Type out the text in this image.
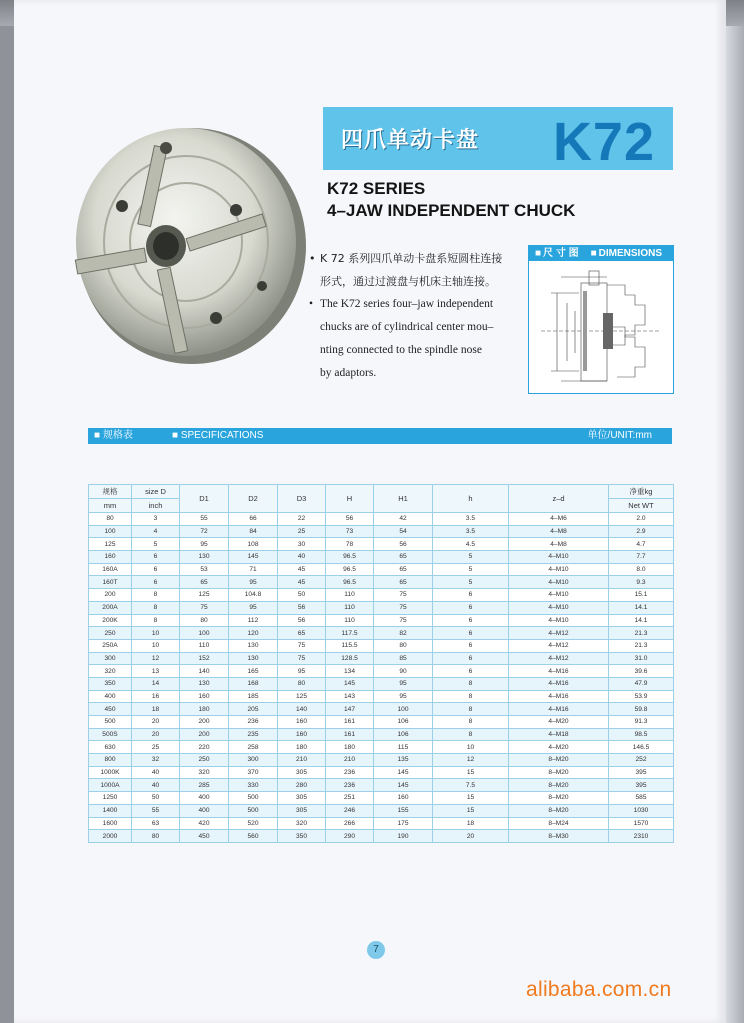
四爪单动卡盘 K72
K72 SERIES
4–JAW INDEPENDENT CHUCK

• K 72 系列四爪单动卡盘系短圆柱连接

形式，通过过渡盘与机床主轴连接。

• The K72 series four–jaw independent

chucks are of cylindrical center mou–

nting connected to the spindle nose

by adaptors.

■ 尺 寸 图 ■ DIMENSIONS
■ 规格表	■ SPECIFICATIONS	单位/UNIT:mm
规格	size D	D1	D2	D3	H	H1	h	z–d	净重kg
mm	inch								Net WT
80	3	55	66	22	56	42	3.5	4–M6	2.0
100	4	72	84	25	73	54	3.5	4–M8	2.9
125	5	95	108	30	78	56	4.5	4–M8	4.7
160	6	130	145	40	96.5	65	5	4–M10	7.7
160A	6	53	71	45	96.5	65	5	4–M10	8.0
160T	6	65	95	45	96.5	65	5	4–M10	9.3
200	8	125	104.8	50	110	75	6	4–M10	15.1
200A	8	75	95	56	110	75	6	4–M10	14.1
200K	8	80	112	56	110	75	6	4–M10	14.1
250	10	100	120	65	117.5	82	6	4–M12	21.3
250A	10	110	130	75	115.5	80	6	4–M12	21.3
300	12	152	130	75	128.5	85	6	4–M12	31.0
320	13	140	165	95	134	90	6	4–M16	39.6
350	14	130	168	80	145	95	8	4–M16	47.9
400	16	160	185	125	143	95	8	4–M16	53.9
450	18	180	205	140	147	100	8	4–M16	59.8
500	20	200	236	160	161	106	8	4–M20	91.3
500S	20	200	235	160	161	106	8	4–M18	98.5
630	25	220	258	180	180	115	10	4–M20	146.5
800	32	250	300	210	210	135	12	8–M20	252
1000K	40	320	370	305	236	145	15	8–M20	395
1000A	40	285	330	280	236	145	7.5	8–M20	395
1250	50	400	500	305	251	160	15	8–M20	585
1400	55	400	500	305	246	155	15	8–M20	1030
1600	63	420	520	320	266	175	18	8–M24	1570
2000	80	450	560	350	290	190	20	8–M30	2310
7
alibaba.com.cn
